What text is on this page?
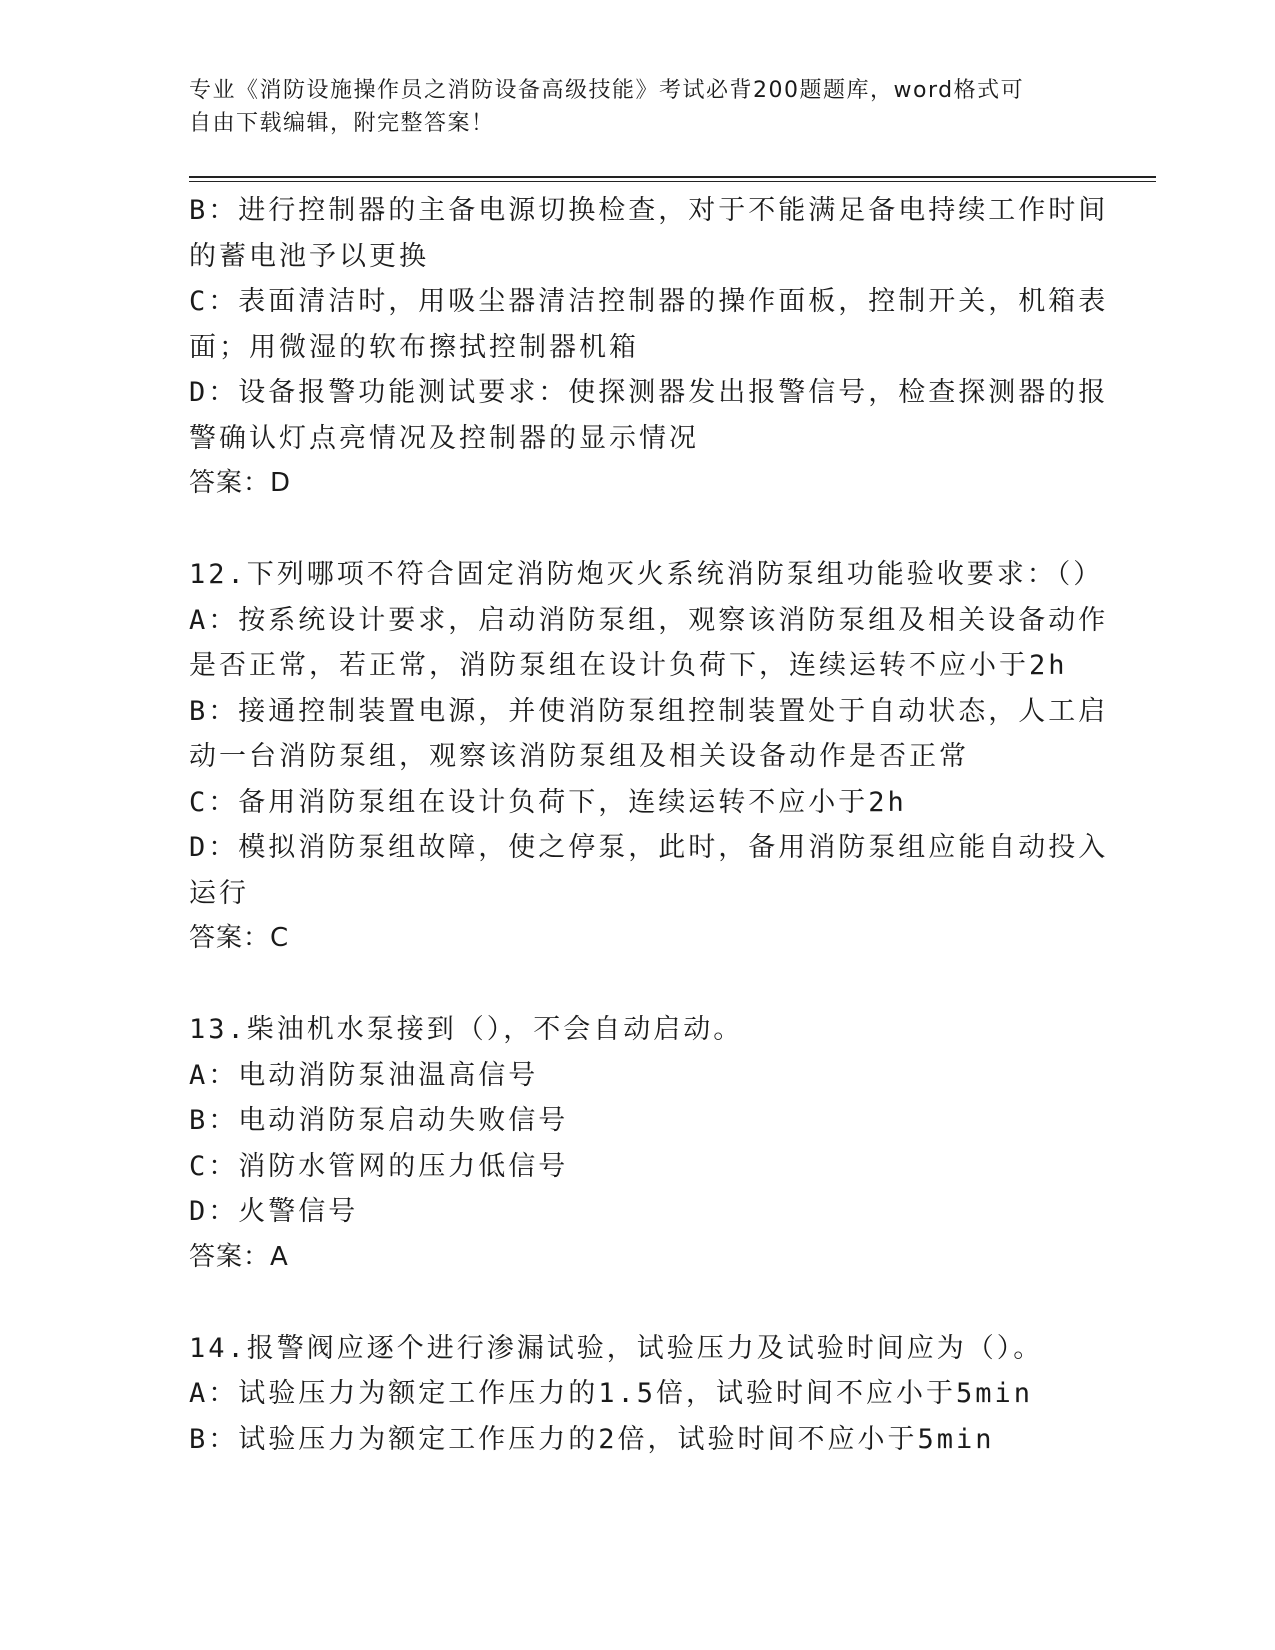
专业《消防设施操作员之消防设备高级技能》考试必背200题题库，word格式可
自由下载编辑，附完整答案！

B：进行控制器的主备电源切换检查，对于不能满足备电持续工作时间

的蓄电池予以更换

C：表面清洁时，用吸尘器清洁控制器的操作面板，控制开关，机箱表

面；用微湿的软布擦拭控制器机箱

D：设备报警功能测试要求：使探测器发出报警信号，检查探测器的报

警确认灯点亮情况及控制器的显示情况

答案：D

12.下列哪项不符合固定消防炮灭火系统消防泵组功能验收要求：（）

A：按系统设计要求，启动消防泵组，观察该消防泵组及相关设备动作

是否正常，若正常，消防泵组在设计负荷下，连续运转不应小于2h

B：接通控制装置电源，并使消防泵组控制装置处于自动状态，人工启

动一台消防泵组，观察该消防泵组及相关设备动作是否正常

C：备用消防泵组在设计负荷下，连续运转不应小于2h

D：模拟消防泵组故障，使之停泵，此时，备用消防泵组应能自动投入

运行

答案：C

13.柴油机水泵接到（），不会自动启动。

A：电动消防泵油温高信号

B：电动消防泵启动失败信号

C：消防水管网的压力低信号

D：火警信号

答案：A

14.报警阀应逐个进行渗漏试验，试验压力及试验时间应为（）。

A：试验压力为额定工作压力的1.5倍，试验时间不应小于5min

B：试验压力为额定工作压力的2倍，试验时间不应小于5min
